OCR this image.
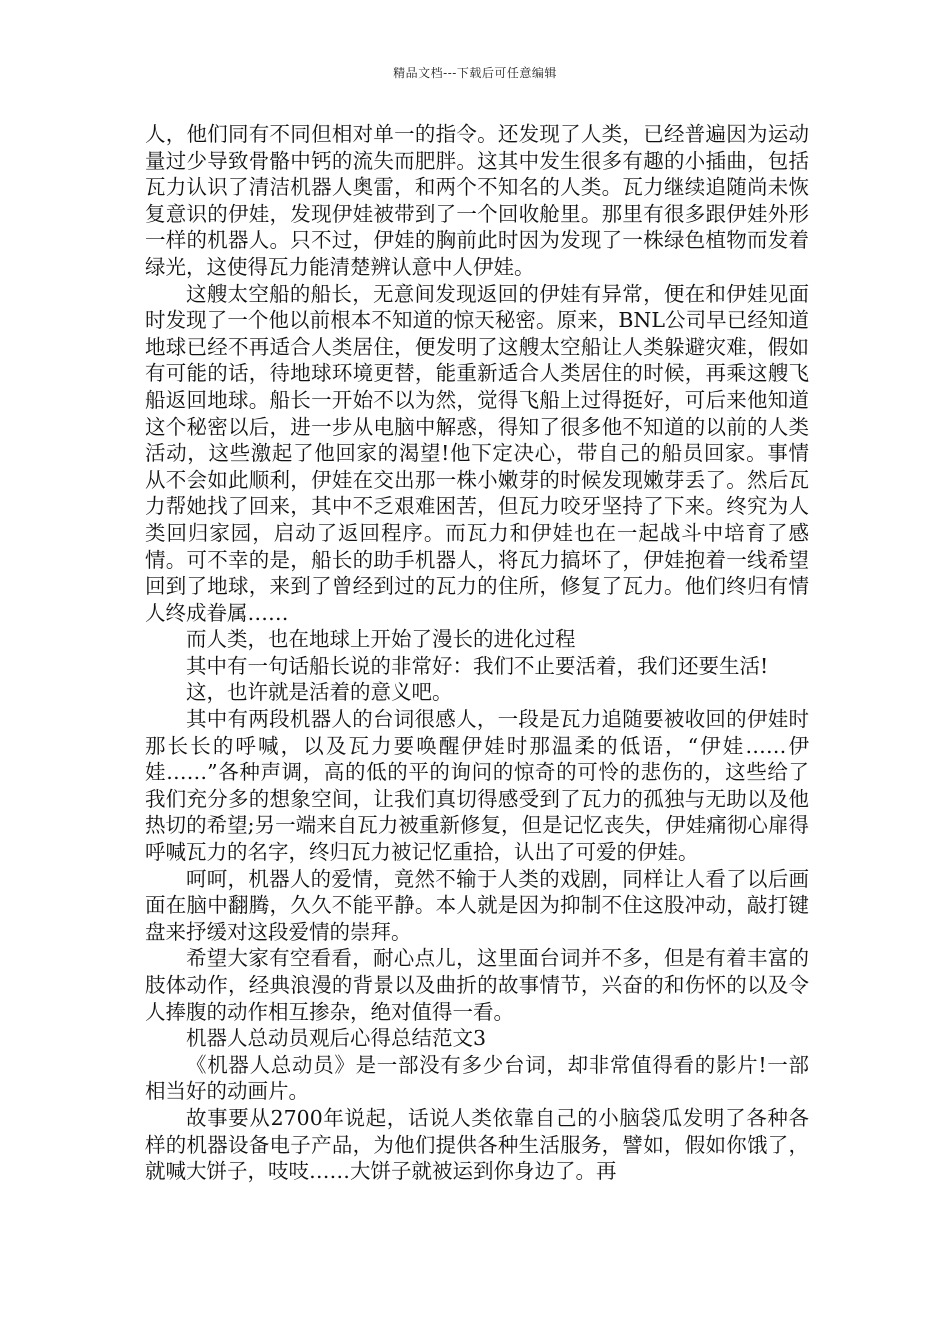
精品文档---下载后可任意编辑

人，他们同有不同但相对单一的指令。还发现了人类，已经普遍因为运动量过少导致骨骼中钙的流失而肥胖。这其中发生很多有趣的小插曲，包括瓦力认识了清洁机器人奥雷，和两个不知名的人类。瓦力继续追随尚未恢复意识的伊娃，发现伊娃被带到了一个回收舱里。那里有很多跟伊娃外形一样的机器人。只不过，伊娃的胸前此时因为发现了一株绿色植物而发着绿光，这使得瓦力能清楚辨认意中人伊娃。

这艘太空船的船长，无意间发现返回的伊娃有异常，便在和伊娃见面时发现了一个他以前根本不知道的惊天秘密。原来，BNL公司早已经知道地球已经不再适合人类居住，便发明了这艘太空船让人类躲避灾难，假如有可能的话，待地球环境更替，能重新适合人类居住的时候，再乘这艘飞船返回地球。船长一开始不以为然，觉得飞船上过得挺好，可后来他知道这个秘密以后，进一步从电脑中解惑，得知了很多他不知道的以前的人类活动，这些激起了他回家的渴望!他下定决心，带自己的船员回家。事情从不会如此顺利，伊娃在交出那一株小嫩芽的时候发现嫩芽丢了。然后瓦力帮她找了回来，其中不乏艰难困苦，但瓦力咬牙坚持了下来。终究为人类回归家园，启动了返回程序。而瓦力和伊娃也在一起战斗中培育了感情。可不幸的是，船长的助手机器人，将瓦力搞坏了，伊娃抱着一线希望回到了地球，来到了曾经到过的瓦力的住所，修复了瓦力。他们终归有情人终成眷属……

而人类，也在地球上开始了漫长的进化过程

其中有一句话船长说的非常好：我们不止要活着，我们还要生活!

这，也许就是活着的意义吧。

其中有两段机器人的台词很感人，一段是瓦力追随要被收回的伊娃时那长长的呼喊，以及瓦力要唤醒伊娃时那温柔的低语，“伊娃……伊娃……”各种声调，高的低的平的询问的惊奇的可怜的悲伤的，这些给了我们充分多的想象空间，让我们真切得感受到了瓦力的孤独与无助以及他热切的希望;另一端来自瓦力被重新修复，但是记忆丧失，伊娃痛彻心扉得呼喊瓦力的名字，终归瓦力被记忆重拾，认出了可爱的伊娃。

呵呵，机器人的爱情，竟然不输于人类的戏剧，同样让人看了以后画面在脑中翻腾，久久不能平静。本人就是因为抑制不住这股冲动，敲打键盘来抒缓对这段爱情的崇拜。

希望大家有空看看，耐心点儿，这里面台词并不多，但是有着丰富的肢体动作，经典浪漫的背景以及曲折的故事情节，兴奋的和伤怀的以及令人捧腹的动作相互掺杂，绝对值得一看。

机器人总动员观后心得总结范文3

《机器人总动员》是一部没有多少台词，却非常值得看的影片!一部相当好的动画片。

故事要从2700年说起，话说人类依靠自己的小脑袋瓜发明了各种各样的机器设备电子产品，为他们提供各种生活服务，譬如，假如你饿了，就喊大饼子，吱吱……大饼子就被运到你身边了。再
